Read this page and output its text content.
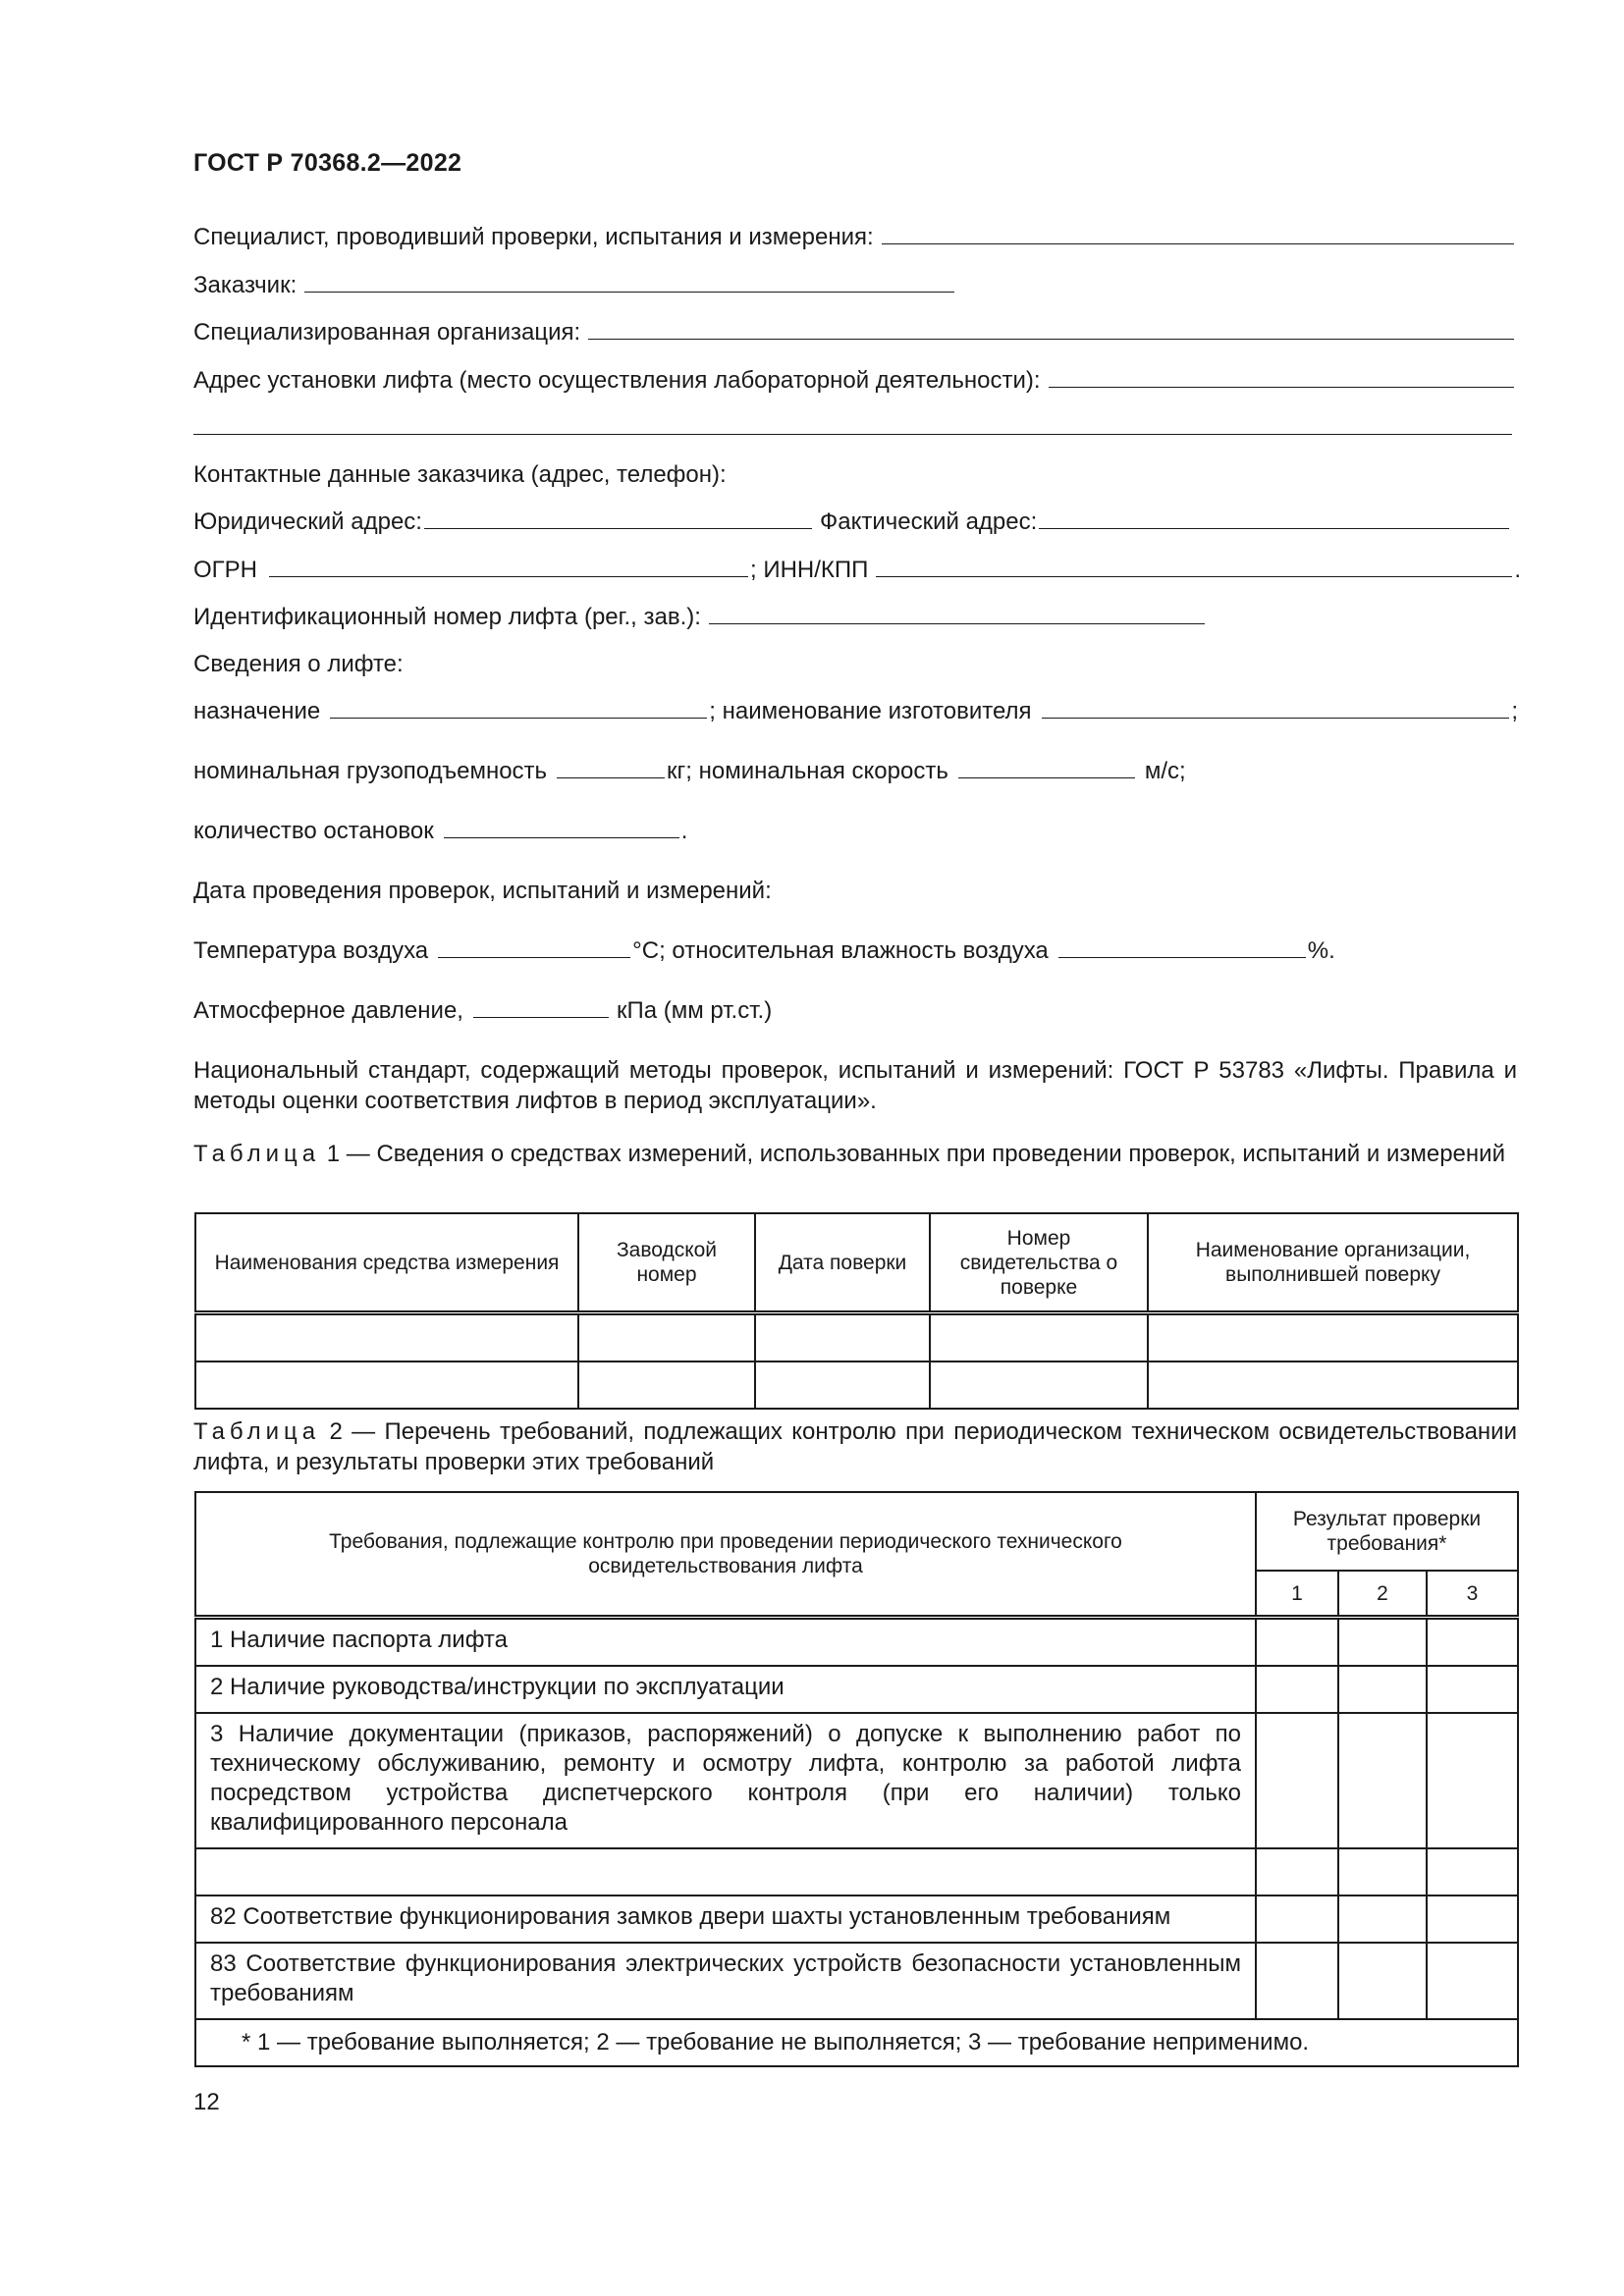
ГОСТ Р 70368.2—2022
Специалист, проводивший проверки, испытания и измерения:
Заказчик:
Специализированная организация:
Адрес установки лифта (место осуществления лабораторной деятельности):
Контактные данные заказчика (адрес, телефон):
Юридический адрес:	Фактический адрес:
ОГРН	; ИНН/КПП	.
Идентификационный номер лифта (рег., зав.):
Сведения о лифте:
назначение	; наименование изготовителя	;
номинальная грузоподъемность	кг; номинальная скорость	м/с;
количество остановок	.
Дата проведения проверок, испытаний и измерений:
Температура воздуха	°С; относительная влажность воздуха	%.
Атмосферное давление,	кПа (мм рт.ст.)
Национальный стандарт, содержащий методы проверок, испытаний и измерений: ГОСТ Р 53783 «Лифты. Правила и методы оценки соответствия лифтов в период эксплуатации».
Таблица 1 — Сведения о средствах измерений, использованных при проведении проверок, испытаний и измерений
Наименования средства измерения	Заводской номер	Дата поверки	Номер свидетельства о поверке	Наименование организации, выполнившей поверку

Таблица 2 — Перечень требований, подлежащих контролю при периодическом техническом освидетельствовании лифта, и результаты проверки этих требований
Требования, подлежащие контролю при проведении периодического технического освидетельствования лифта	Результат проверки требования*		
	1	2	3
1 Наличие паспорта лифта			
2 Наличие руководства/инструкции по эксплуатации			
3 Наличие документации (приказов, распоряжений) о допуске к выполнению работ по техническому обслуживанию, ремонту и осмотру лифта, контролю за работой лифта посредством устройства диспетчерского контроля (при его наличии) только квалифицированного персонала			

82 Соответствие функционирования замков двери шахты установленным требованиям			
83 Соответствие функционирования электрических устройств безопасности установленным требованиям			
* 1 — требование выполняется; 2 — требование не выполняется; 3 — требование неприменимо.			
12
